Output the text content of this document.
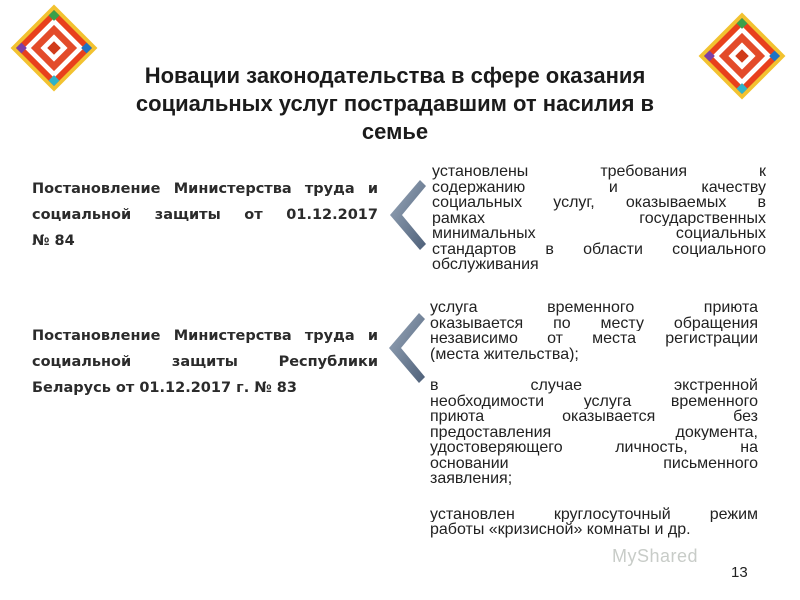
Новации законодательства в сфере оказания
социальных услуг пострадавшим от насилия в
семье
Постановление Министерства труда и
социальной защиты от 01.12.2017
№ 84
установлены требования к
содержанию и качеству
социальных услуг, оказываемых в
рамках государственных
минимальных социальных
стандартов в области социального
обслуживания
Постановление Министерства труда и
социальной защиты Республики
Беларусь от 01.12.2017 г. № 83
услуга временного приюта
оказывается по месту обращения
независимо от места регистрации
(места жительства);
в случае экстренной
необходимости услуга временного
приюта оказывается без
предоставления документа,
удостоверяющего личность, на
основании письменного
заявления;
установлен круглосуточный режим
работы «кризисной» комнаты и др.
MyShared
13
